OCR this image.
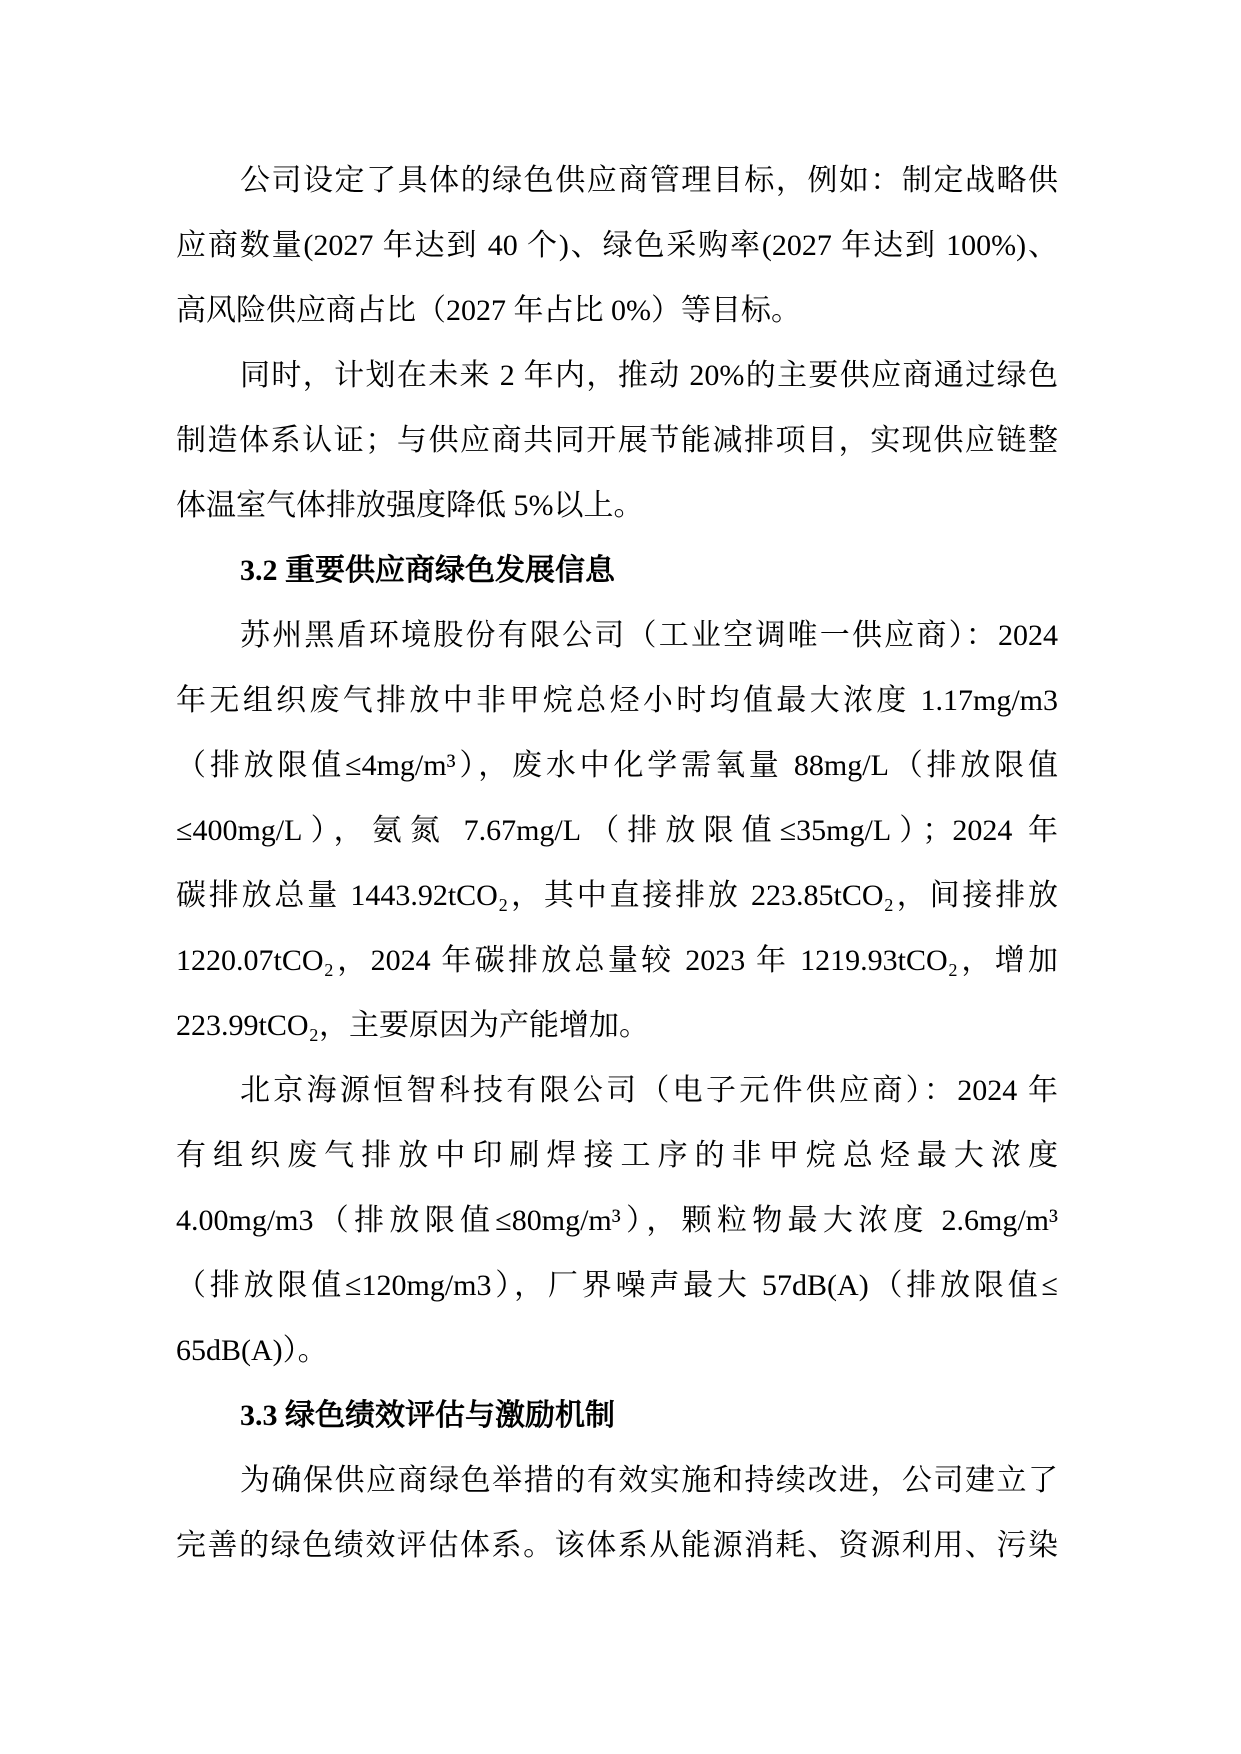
公司设定了具体的绿色供应商管理目标，例如：制定战略供
应商数量(2027 年达到 40 个)、绿色采购率(2027 年达到 100%)、
高风险供应商占比（2027 年占比 0%）等目标。
同时，计划在未来 2 年内，推动 20%的主要供应商通过绿色
制造体系认证；与供应商共同开展节能减排项目，实现供应链整
体温室气体排放强度降低 5%以上。
3.2 重要供应商绿色发展信息
苏州黑盾环境股份有限公司（工业空调唯一供应商）：2024
年无组织废气排放中非甲烷总烃小时均值最大浓度 1.17mg/m3
（排放限值≤4mg/m³），废水中化学需氧量 88mg/L（排放限值
≤400mg/L），氨氮 7.67mg/L（排放限值≤35mg/L）；2024 年
碳排放总量 1443.92tCO₂，其中直接排放 223.85tCO₂，间接排放
1220.07tCO₂，2024 年碳排放总量较 2023 年 1219.93tCO₂，增加
223.99tCO₂，主要原因为产能增加。
北京海源恒智科技有限公司（电子元件供应商）：2024 年
有组织废气排放中印刷焊接工序的非甲烷总烃最大浓度
4.00mg/m3（排放限值≤80mg/m³），颗粒物最大浓度 2.6mg/m³
（排放限值≤120mg/m3），厂界噪声最大 57dB(A)（排放限值≤
65dB(A)）。
3.3 绿色绩效评估与激励机制
为确保供应商绿色举措的有效实施和持续改进，公司建立了
完善的绿色绩效评估体系。该体系从能源消耗、资源利用、污染
